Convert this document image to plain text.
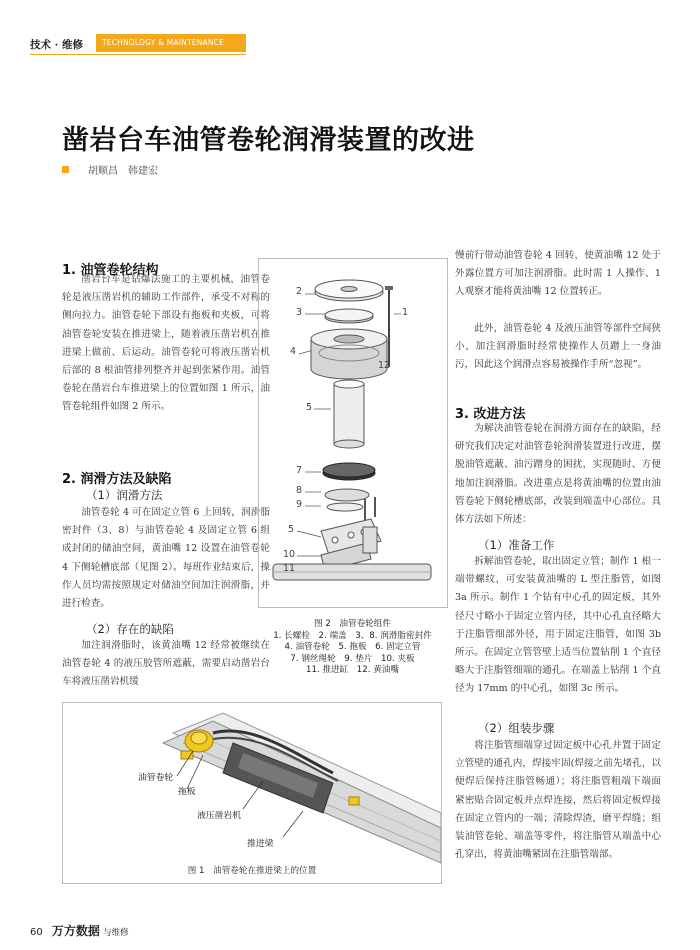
技术 · 维修	TECHNOLOGY & MAINTENANCE
凿岩台车油管卷轮润滑装置的改进
胡顺昌　韩建宏
1. 油管卷轮结构
凿岩台车是钻爆法施工的主要机械，油管卷轮是液压凿岩机的辅助工作部件，承受不对称的侧向拉力。油管卷轮下部设有拖板和夹板，可将油管卷轮安装在推进梁上，随着液压凿岩机在推进梁上做前、后运动。油管卷轮可将液压凿岩机后部的 8 根油管排列整齐并起到张紧作用。油管卷轮在凿岩台车推进梁上的位置如图 1 所示，油管卷轮组件如图 2 所示。
2. 润滑方法及缺陷
（1）润滑方法
油管卷轮 4 可在固定立管 6 上回转，润滑脂密封件（3、8）与油管卷轮 4 及固定立管 6 组成封闭的储油空间，黄油嘴 12 设置在油管卷轮 4 下侧轮槽底部（见图 2）。每班作业结束后，操作人员均需按照规定对储油空间加注润滑脂，并进行检查。
（2）存在的缺陷
加注润滑脂时，该黄油嘴 12 经常被继续在油管卷轮 4 的液压胶管所遮蔽，需要启动凿岩台车将液压凿岩机缓
2
3
4
5
7
8
9
5
10
11
1
12
图 2　油管卷轮组件
1. 长螺栓　2. 端盖　3、8. 润滑脂密封件
4. 油管卷轮　5. 拖板　6. 固定立管
7. 钢丝绳轮　9. 垫片　10. 夹板
11. 推进缸　12. 黄油嘴
油管卷轮
拖板
液压凿岩机
推进梁
图 1　油管卷轮在推进梁上的位置
慢前行带动油管卷轮 4 回转，使黄油嘴 12 处于外露位置方可加注润滑脂。此时需 1 人操作、1 人观察才能将黄油嘴 12 位置转正。
此外，油管卷轮 4 及液压油管等部件空间狭小，加注润滑脂时经常使操作人员蹭上一身油污，因此这个润滑点容易被操作手所“忽视”。
3. 改进方法
为解决油管卷轮在润滑方面存在的缺陷，经研究我们决定对油管卷轮润滑装置进行改进，摆脱油管遮蔽、油污蹭身的困扰，实现随时、方便地加注润滑脂。改进重点是将黄油嘴的位置由油管卷轮下侧轮槽底部，改装到端盖中心部位。具体方法如下所述：
（1）准备工作
拆解油管卷轮，取出固定立管；制作 1 根一端带螺纹，可安装黄油嘴的 L 型注脂管，如图 3a 所示。制作 1 个钻有中心孔的固定板，其外径尺寸略小于固定立管内径，其中心孔直径略大于注脂管细部外径，用于固定注脂管，如图 3b 所示。在固定立管管壁上适当位置钻削 1 个直径略大于注脂管细端的通孔。在端盖上钻削 1 个直径为 17mm 的中心孔，如图 3c 所示。
（2）组装步骤
将注脂管细端穿过固定板中心孔并置于固定立管壁的通孔内，焊接牢固(焊接之前先堵孔，以便焊后保持注脂管畅通）；将注脂管粗端下端面紧密贴合固定板并点焊连接，然后将固定板焊接在固定立管内的一端；清除焊渣，磨平焊缝；组装油管卷轮、端盖等零件，将注脂管从端盖中心孔穿出，将黄油嘴紧固在注脂管端部。
60 万方数据 与维修
